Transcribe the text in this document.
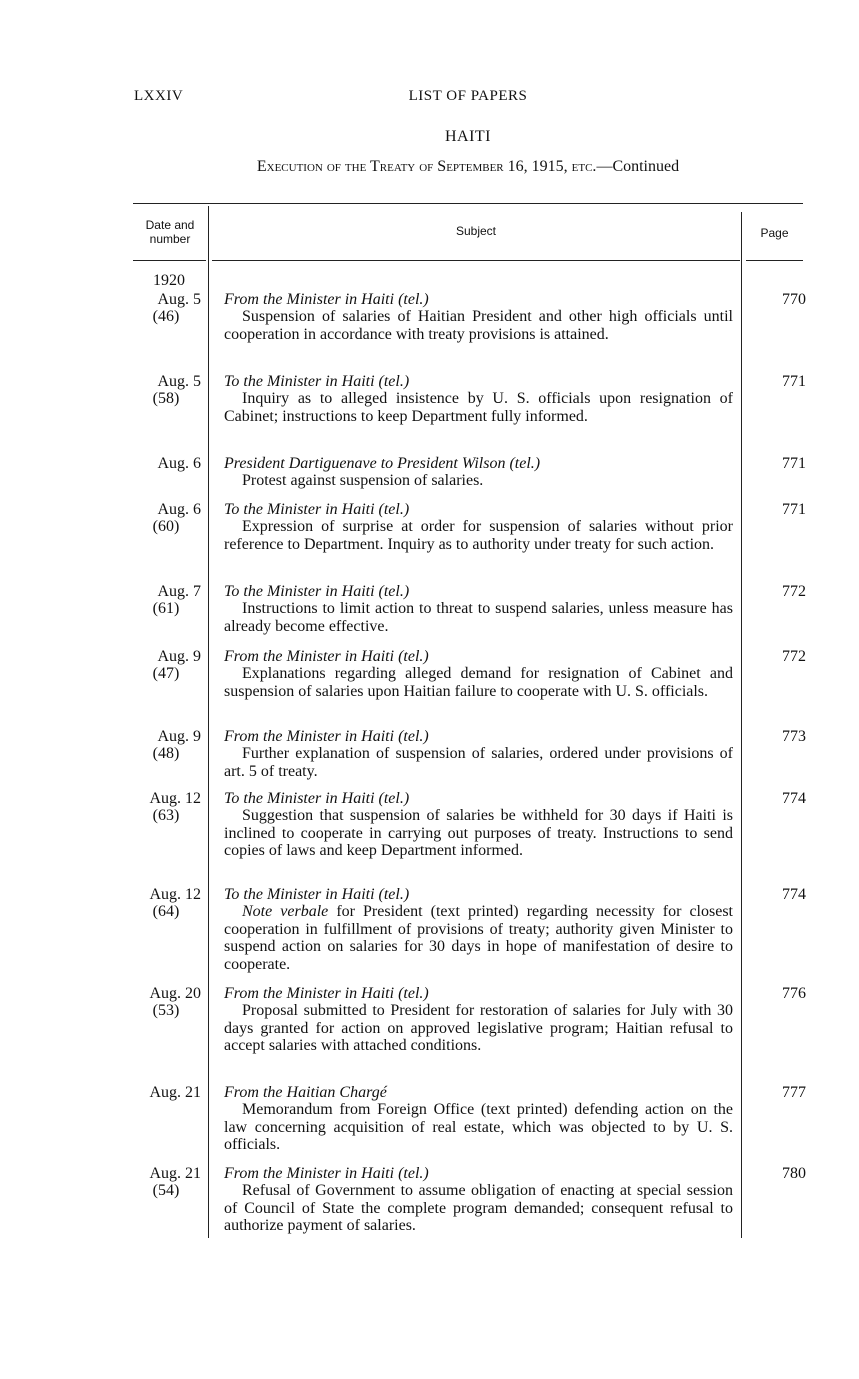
LXXIV	LIST OF PAPERS
HAITI
Execution of the Treaty of September 16, 1915, etc.—Continued
Date and
number
Subject	Page
1920
Aug. 5
(46)
From the Minister in Haiti (tel.)
Suspension of salaries of Haitian President and other high officials until cooperation in accordance with treaty provisions is attained.
770
Aug. 5
(58)
To the Minister in Haiti (tel.)
Inquiry as to alleged insistence by U. S. officials upon resignation of Cabinet; instructions to keep Department fully informed.
771
Aug. 6 President Dartiguenave to President Wilson (tel.)
Protest against suspension of salaries.
771
Aug. 6
(60)
To the Minister in Haiti (tel.)
Expression of surprise at order for suspension of salaries without prior reference to Department. Inquiry as to authority under treaty for such action.
771
Aug. 7
(61)
To the Minister in Haiti (tel.)
Instructions to limit action to threat to suspend salaries, unless measure has already become effective.
772
Aug. 9
(47)
From the Minister in Haiti (tel.)
Explanations regarding alleged demand for resignation of Cabinet and suspension of salaries upon Haitian failure to cooperate with U. S. officials.
772
Aug. 9
(48)
From the Minister in Haiti (tel.)
Further explanation of suspension of salaries, ordered under provisions of art. 5 of treaty.
773
Aug. 12
(63)
To the Minister in Haiti (tel.)
Suggestion that suspension of salaries be withheld for 30 days if Haiti is inclined to cooperate in carrying out purposes of treaty. Instructions to send copies of laws and keep Department informed.
774
Aug. 12
(64)
To the Minister in Haiti (tel.)
Note verbale for President (text printed) regarding necessity for closest cooperation in fulfillment of provisions of treaty; authority given Minister to suspend action on salaries for 30 days in hope of manifestation of desire to cooperate.
774
Aug. 20
(53)
From the Minister in Haiti (tel.)
Proposal submitted to President for restoration of salaries for July with 30 days granted for action on approved legislative program; Haitian refusal to accept salaries with attached conditions.
776
Aug. 21 From the Haitian Chargé
Memorandum from Foreign Office (text printed) defending action on the law concerning acquisition of real estate, which was objected to by U. S. officials.
777
Aug. 21
(54)
From the Minister in Haiti (tel.)
Refusal of Government to assume obligation of enacting at special session of Council of State the complete program demanded; consequent refusal to authorize payment of salaries.
780
